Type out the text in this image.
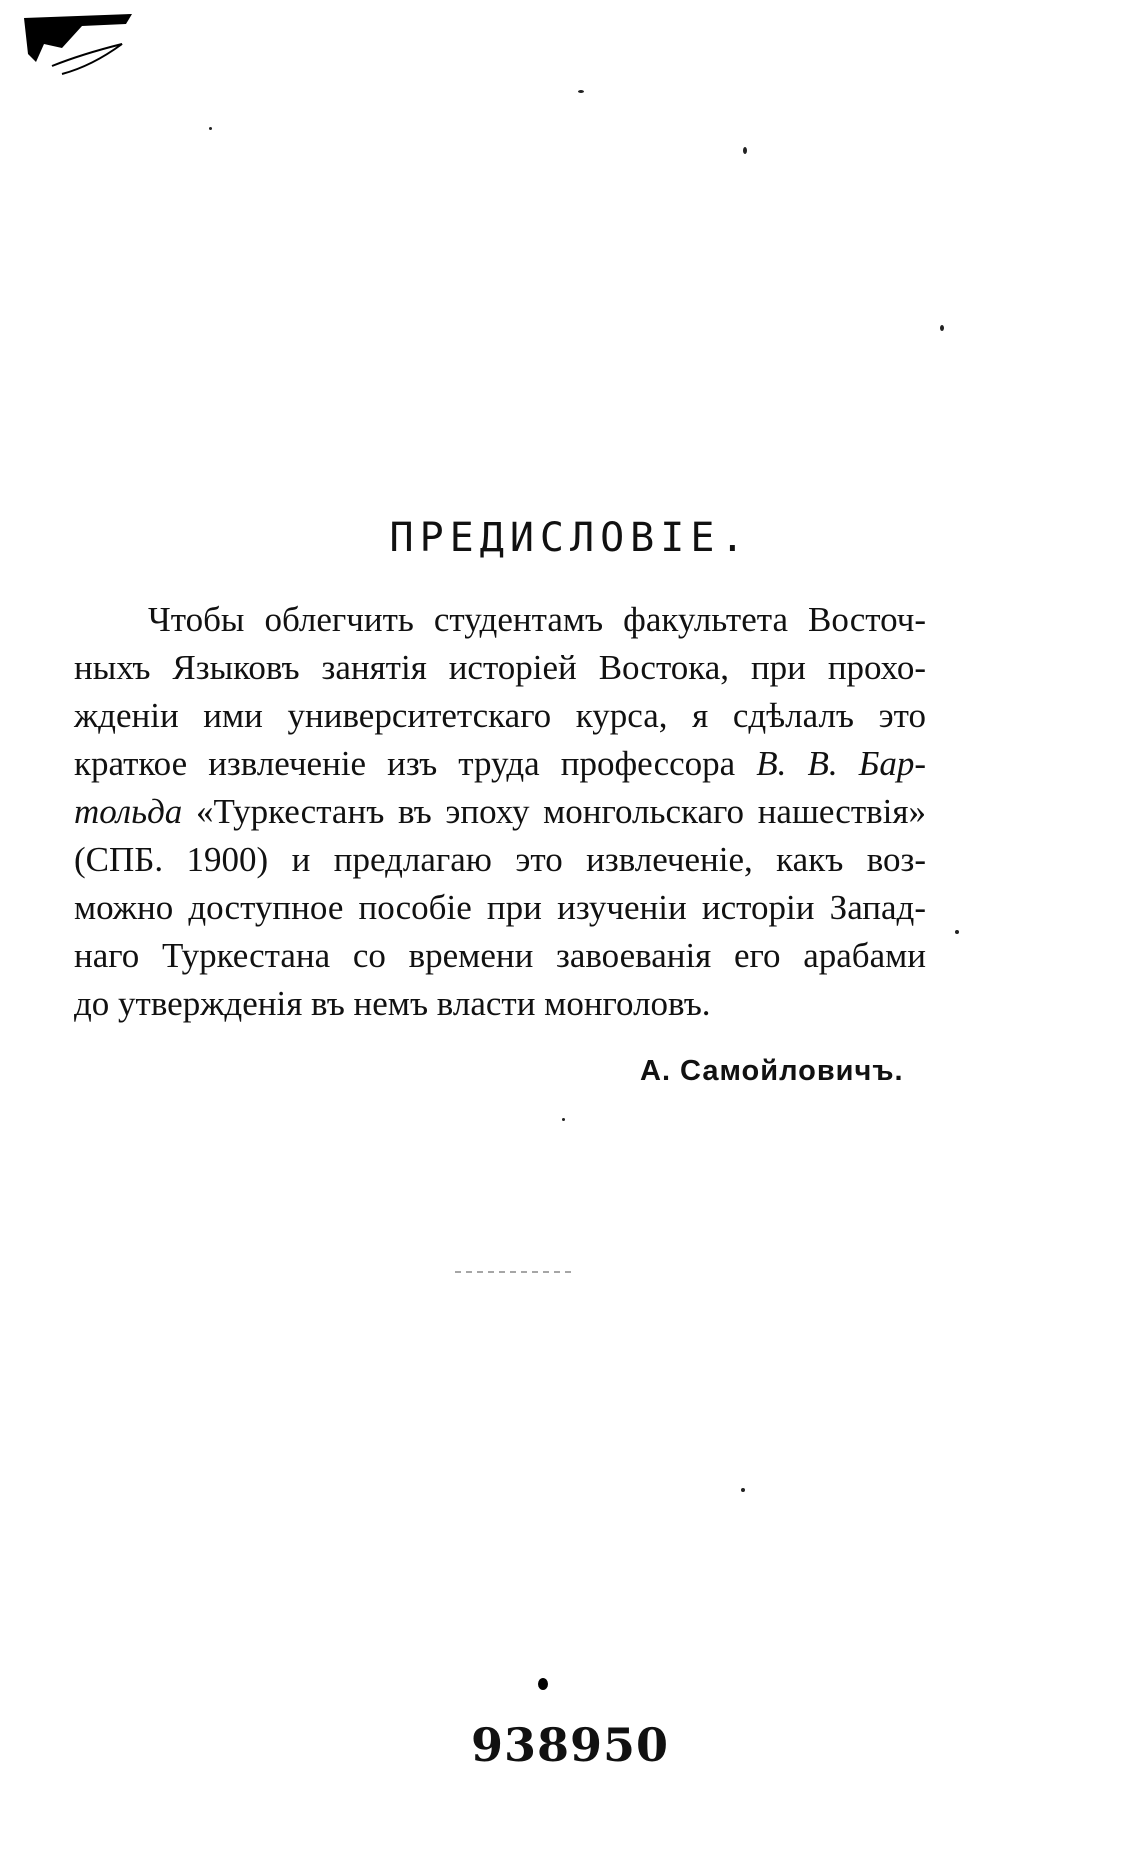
ПРЕДИСЛОВІЕ.
Чтобы облегчить студентамъ факультета Восточ-
ныхъ Языковъ занятія исторіей Востока, при прохо-
жденіи ими университетскаго курса, я сдѣлалъ это
краткое извлеченіе изъ труда профессора В. В. Бар-
тольда «Туркестанъ въ эпоху монгольскаго нашествія»
(СПБ. 1900) и предлагаю это извлеченіе, какъ воз-
можно доступное пособіе при изученіи исторіи Запад-
наго Туркестана со времени завоеванія его арабами
до утвержденія въ немъ власти монголовъ.

А. Самойловичъ.

938950
